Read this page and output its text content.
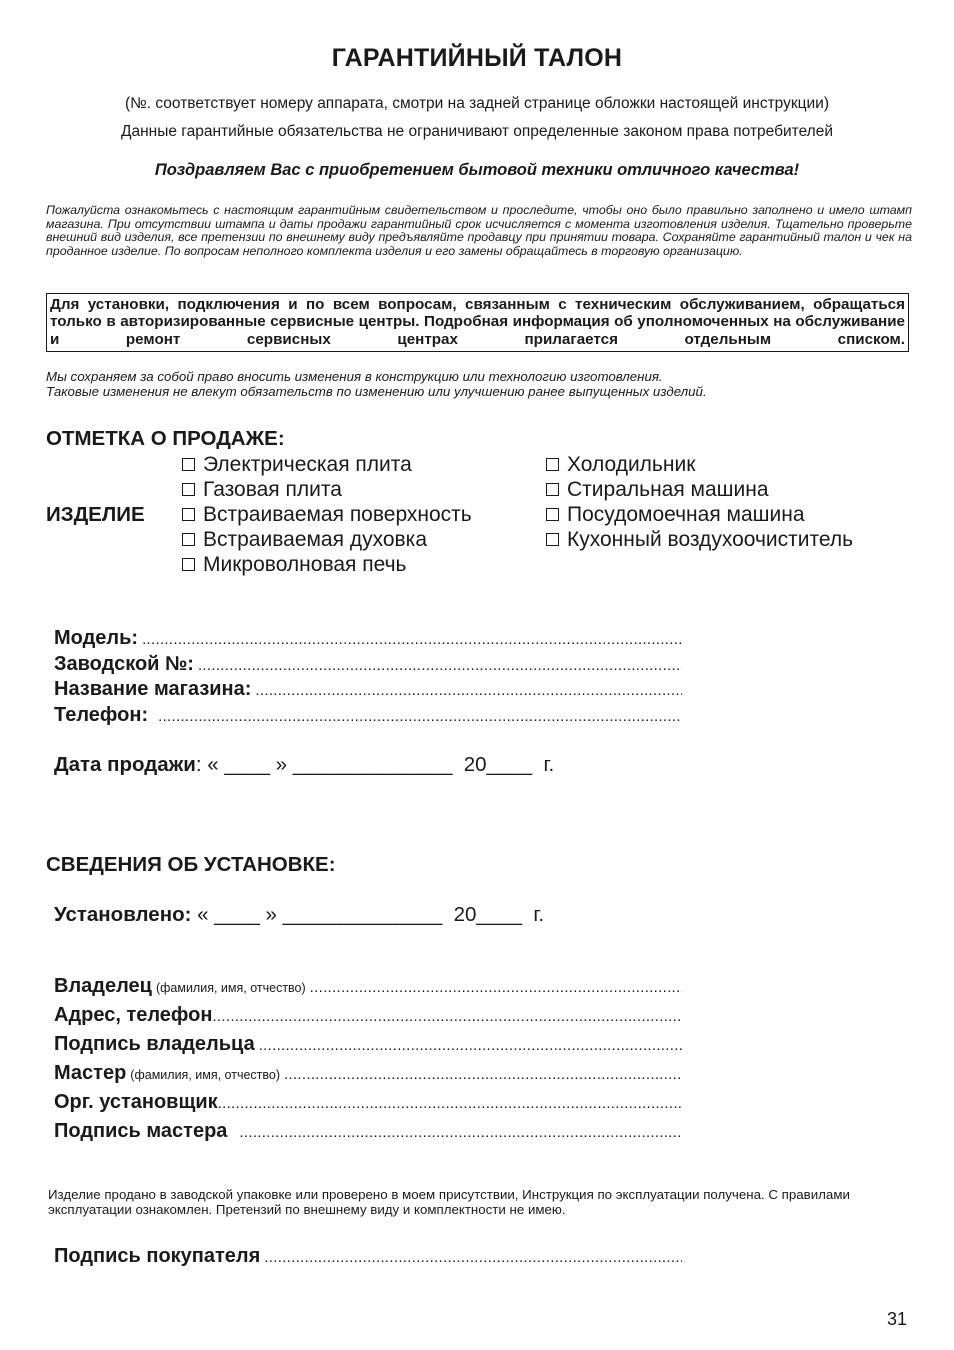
ГАРАНТИЙНЫЙ ТАЛОН
(№. соответствует номеру аппарата, смотри на задней странице обложки настоящей инструкции)
Данные гарантийные обязательства не ограничивают определенные законом права потребителей
Поздравляем Вас с приобретением бытовой техники отличного качества!
Пожалуйста ознакомьтесь с настоящим гарантийным свидетельством и проследите, чтобы оно было правильно заполнено и имело штамп магазина. При отсутствии штампа и даты продажи гарантийный срок исчисляется с момента изготовления изделия. Тщательно проверьте внешний вид изделия, все претензии по внешнему виду предъявляйте продавцу при принятии товара. Сохраняйте гарантийный талон и чек на проданное изделие. По вопросам неполного комплекта изделия и его замены обращайтесь в торговую организацию.
Для установки, подключения и по всем вопросам, связанным с техническим обслуживанием, обращаться только в авторизированные сервисные центры. Подробная информация об уполномоченных на обслуживание и ремонт сервисных центрах прилагается отдельным списком.
Мы сохраняем за собой право вносить изменения в конструкцию или технологию изготовления.
Таковые изменения не влекут обязательств по изменению или улучшению ранее выпущенных изделий.
ОТМЕТКА О ПРОДАЖЕ:
ИЗДЕЛИЕ
Электрическая плита
Газовая плита
Встраиваемая поверхность
Встраиваемая духовка
Микроволновая печь
Холодильник
Стиральная машина
Посудомоечная машина
Кухонный воздухоочиститель
Модель:
.....
Заводской №:
.....
Название магазина:
.....
Телефон:
.....
Дата продажи: « ____ » ______________  20____  г.
СВЕДЕНИЯ ОБ УСТАНОВКЕ:
Установлено: « ____ » ______________  20____  г.
Владелец (фамилия, имя, отчество)
.....
Адрес, телефон
.....
Подпись владельца
.....
Мастер (фамилия, имя, отчество)
.....
Орг. установщик
.....
Подпись мастера
.....
Изделие продано в заводской упаковке или проверено в моем присутствии, Инструкция по эксплуатации получена. С правилами эксплуатации ознакомлен. Претензий по внешнему виду и комплектности не имею.
Подпись покупателя
.....
31
